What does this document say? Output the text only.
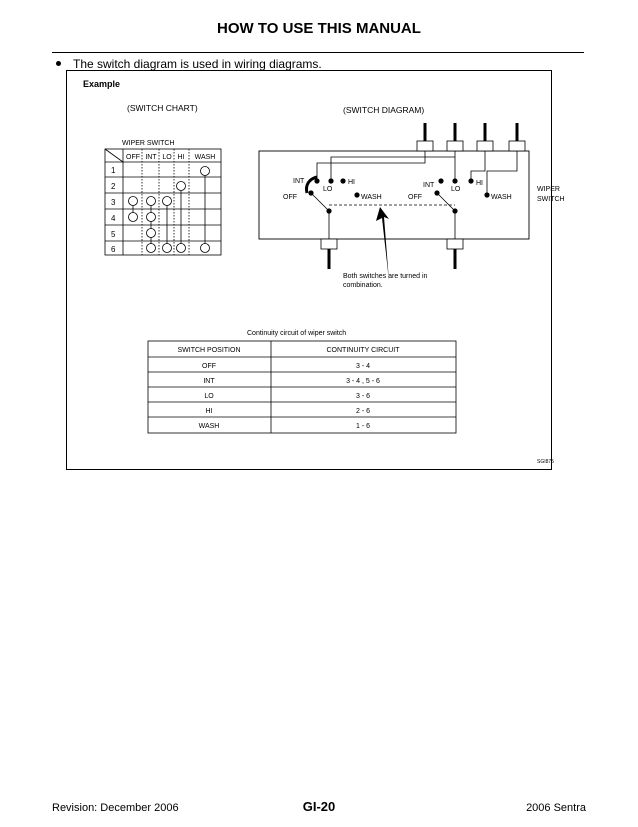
HOW TO USE THIS MANUAL
The switch diagram is used in wiring diagrams.
Example
(SWITCH CHART)	(SWITCH DIAGRAM)
WIPER SWITCH
OFF INT LO HI WASH
1
2
3
4
5
6
INT
LO
HI
OFF	WASH
INT
LO
HI
OFF	WASH
WIPER SWITCH
Both switches are turned in combination.
Continuity circuit of wiper switch
SWITCH POSITION	CONTINUITY CIRCUIT
OFF	3 - 4
INT	3 - 4 , 5 - 6
LO	3 - 6
HI	2 - 6
WASH	1 - 6
SGI875
Revision: December 2006	GI-20	2006 Sentra
